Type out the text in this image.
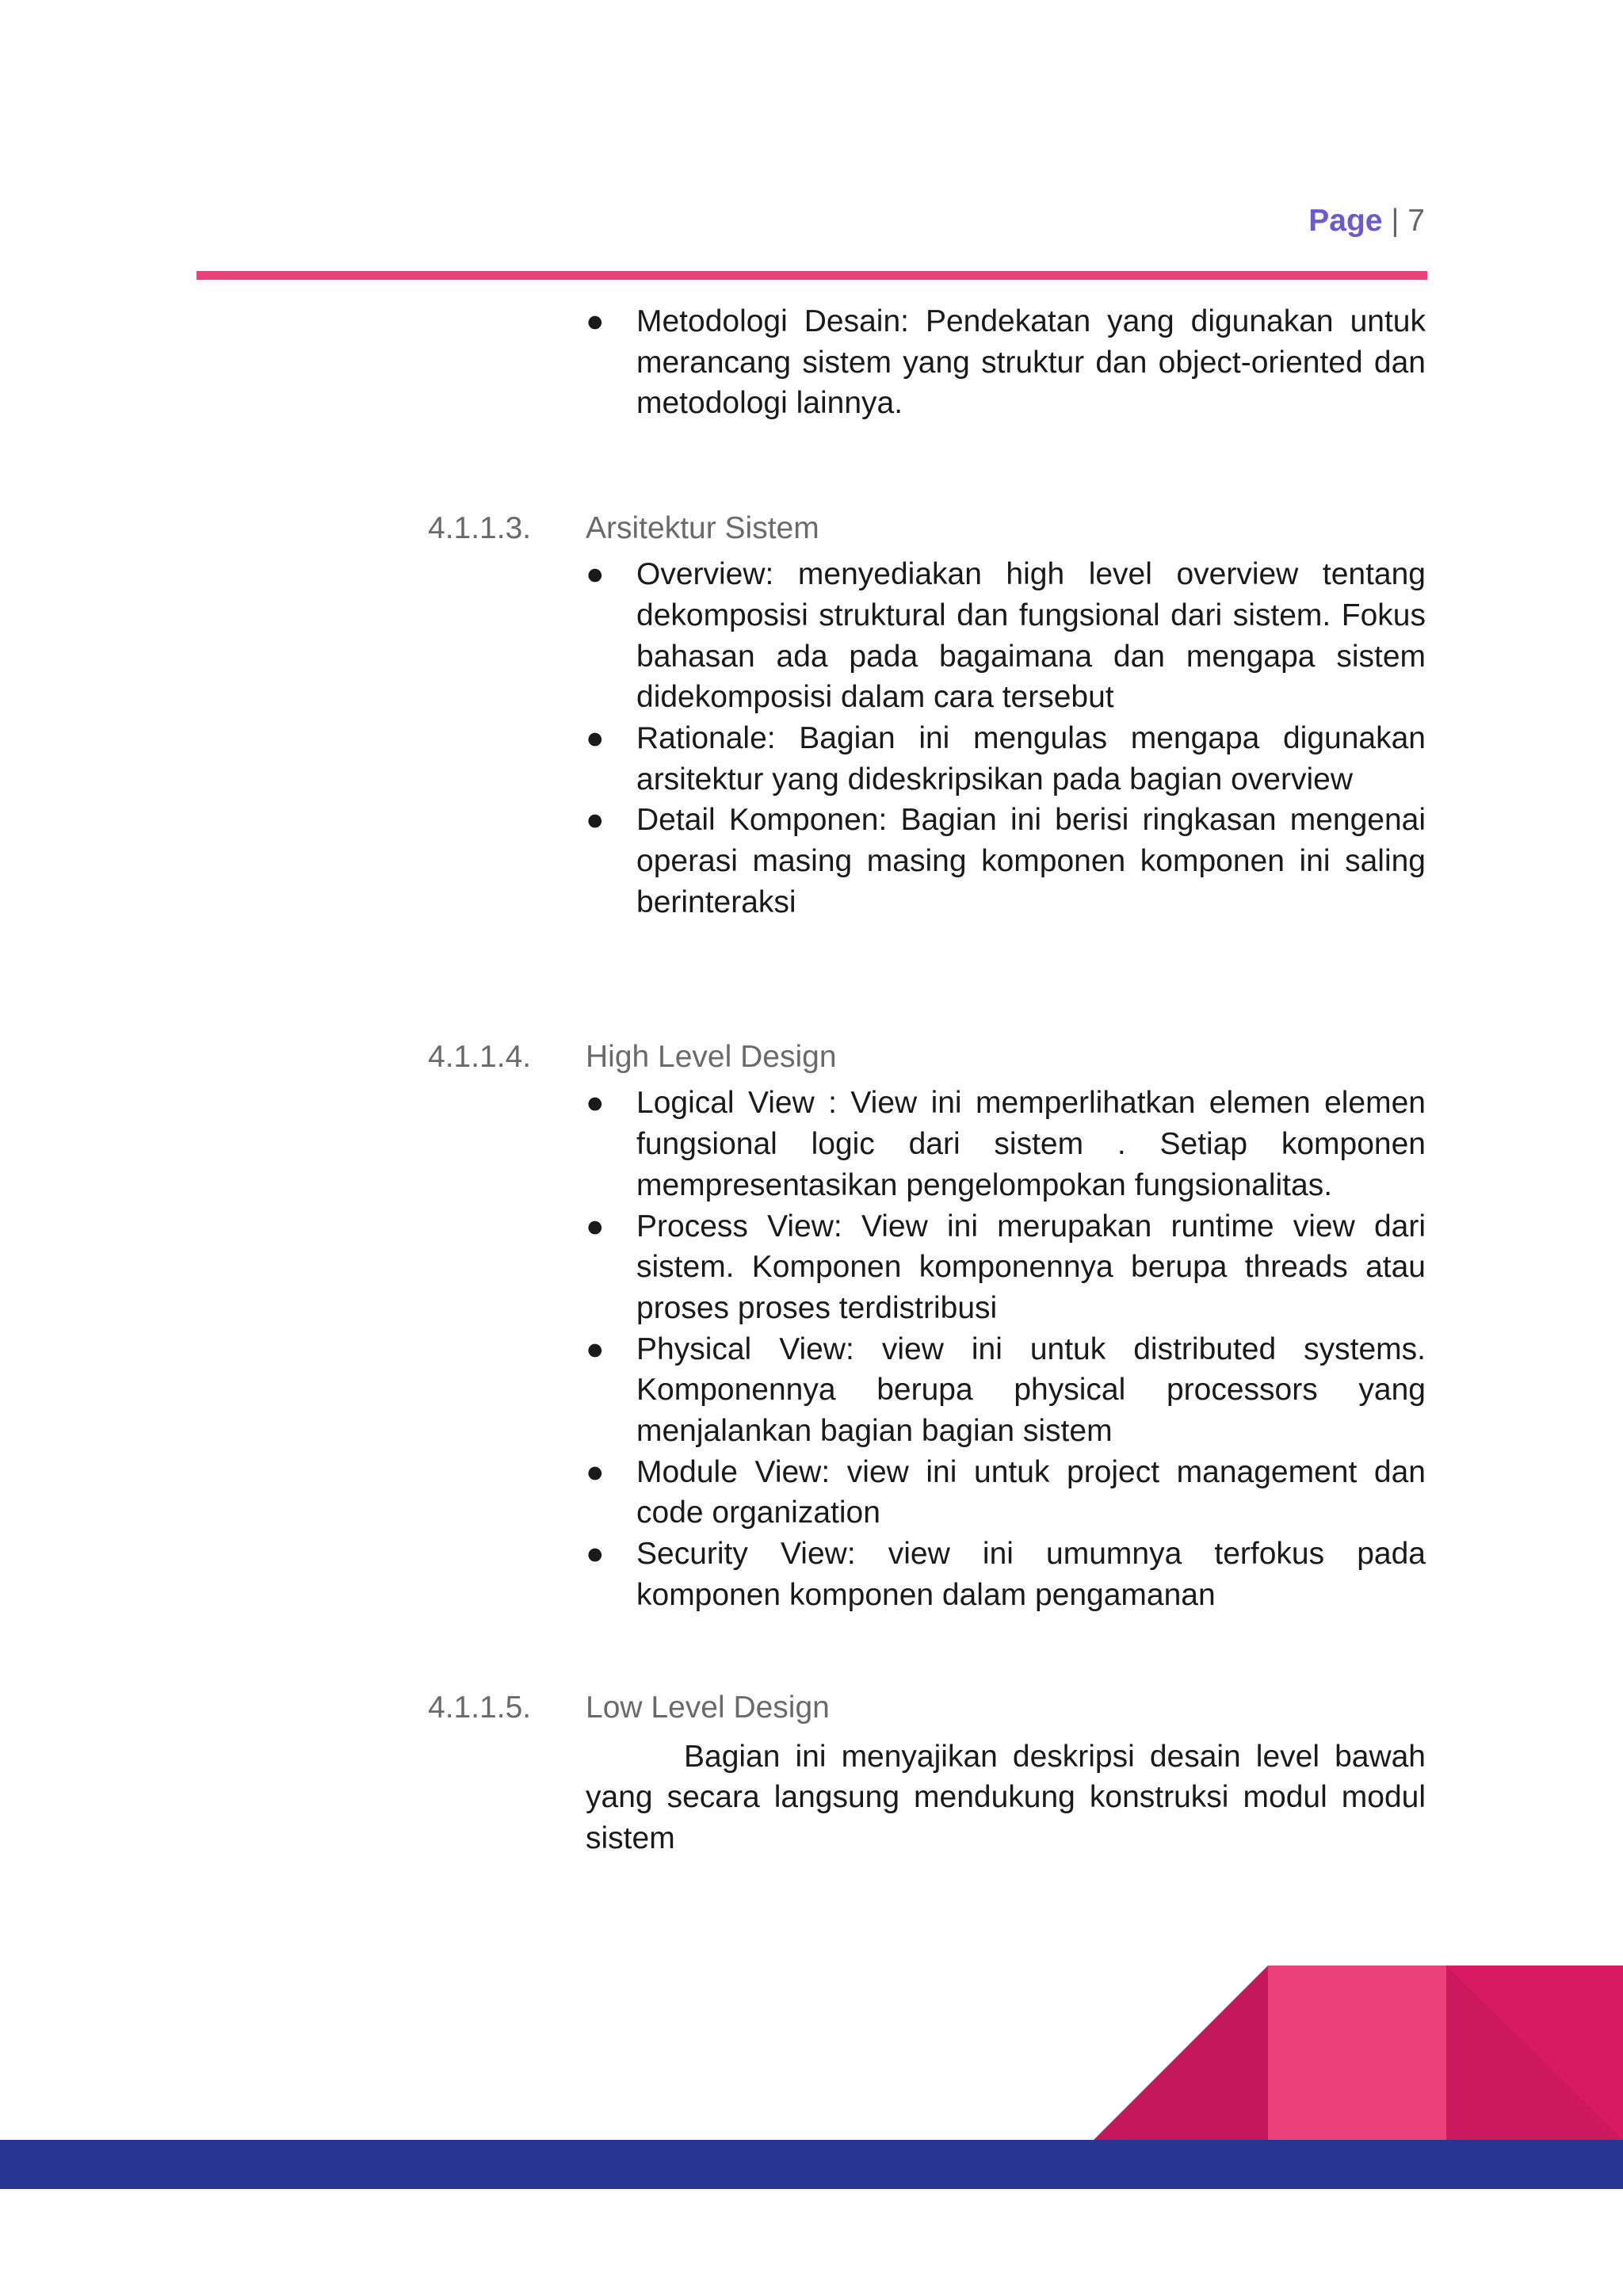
Page | 7
● Metodologi Desain: Pendekatan yang digunakan untuk merancang sistem yang struktur dan object-oriented dan metodologi lainnya.
4.1.1.3. Arsitektur Sistem
● Overview: menyediakan high level overview tentang dekomposisi struktural dan fungsional dari sistem. Fokus bahasan ada pada bagaimana dan mengapa sistem didekomposisi dalam cara tersebut
● Rationale: Bagian ini mengulas mengapa digunakan arsitektur yang dideskripsikan pada bagian overview
● Detail Komponen: Bagian ini berisi ringkasan mengenai operasi masing masing komponen komponen ini saling berinteraksi
4.1.1.4. High Level Design
● Logical View : View ini memperlihatkan elemen elemen fungsional logic dari sistem . Setiap komponen mempresentasikan pengelompokan fungsionalitas.
● Process View: View ini merupakan runtime view dari sistem. Komponen komponennya berupa threads atau proses proses terdistribusi
● Physical View: view ini untuk distributed systems. Komponennya berupa physical processors yang menjalankan bagian bagian sistem
● Module View: view ini untuk project management dan code organization
● Security View: view ini umumnya terfokus pada komponen komponen dalam pengamanan
4.1.1.5. Low Level Design

Bagian ini menyajikan deskripsi desain level bawah yang secara langsung mendukung konstruksi modul modul sistem
